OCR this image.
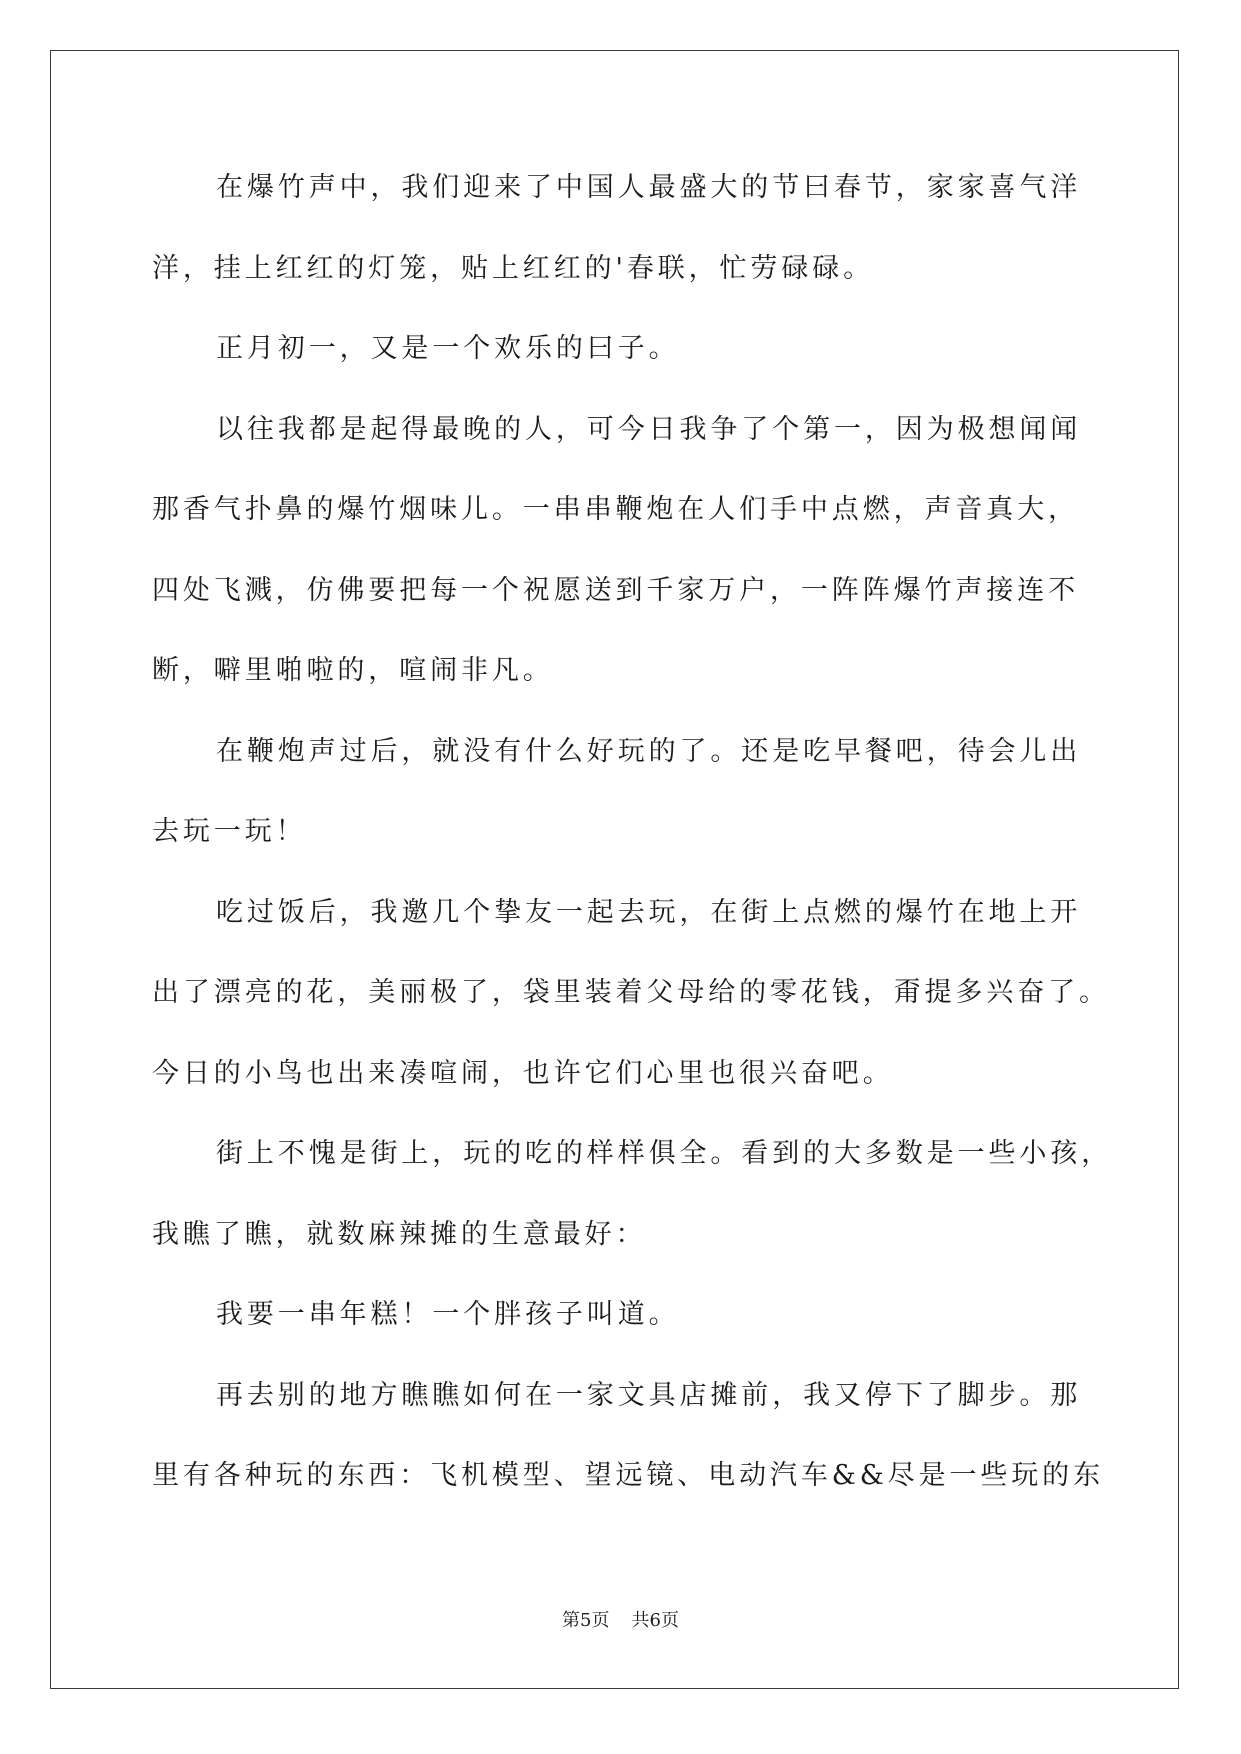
在爆竹声中，我们迎来了中国人最盛大的节曰春节，家家喜气洋
洋，挂上红红的灯笼，贴上红红的'春联，忙劳碌碌。
正月初一，又是一个欢乐的曰子。
以往我都是起得最晚的人，可今日我争了个第一，因为极想闻闻
那香气扑鼻的爆竹烟味儿。一串串鞭炮在人们手中点燃，声音真大，
四处飞溅，仿佛要把每一个祝愿送到千家万户，一阵阵爆竹声接连不
断，噼里啪啦的，喧闹非凡。
在鞭炮声过后，就没有什么好玩的了。还是吃早餐吧，待会儿出
去玩一玩！
吃过饭后，我邀几个挚友一起去玩，在街上点燃的爆竹在地上开
出了漂亮的花，美丽极了，袋里装着父母给的零花钱，甭提多兴奋了。
今日的小鸟也出来凑喧闹，也许它们心里也很兴奋吧。
街上不愧是街上，玩的吃的样样俱全。看到的大多数是一些小孩，
我瞧了瞧，就数麻辣摊的生意最好：
我要一串年糕！一个胖孩子叫道。
再去别的地方瞧瞧如何在一家文具店摊前，我又停下了脚步。那
里有各种玩的东西：飞机模型、望远镜、电动汽车&&尽是一些玩的东
第5页 共6页
